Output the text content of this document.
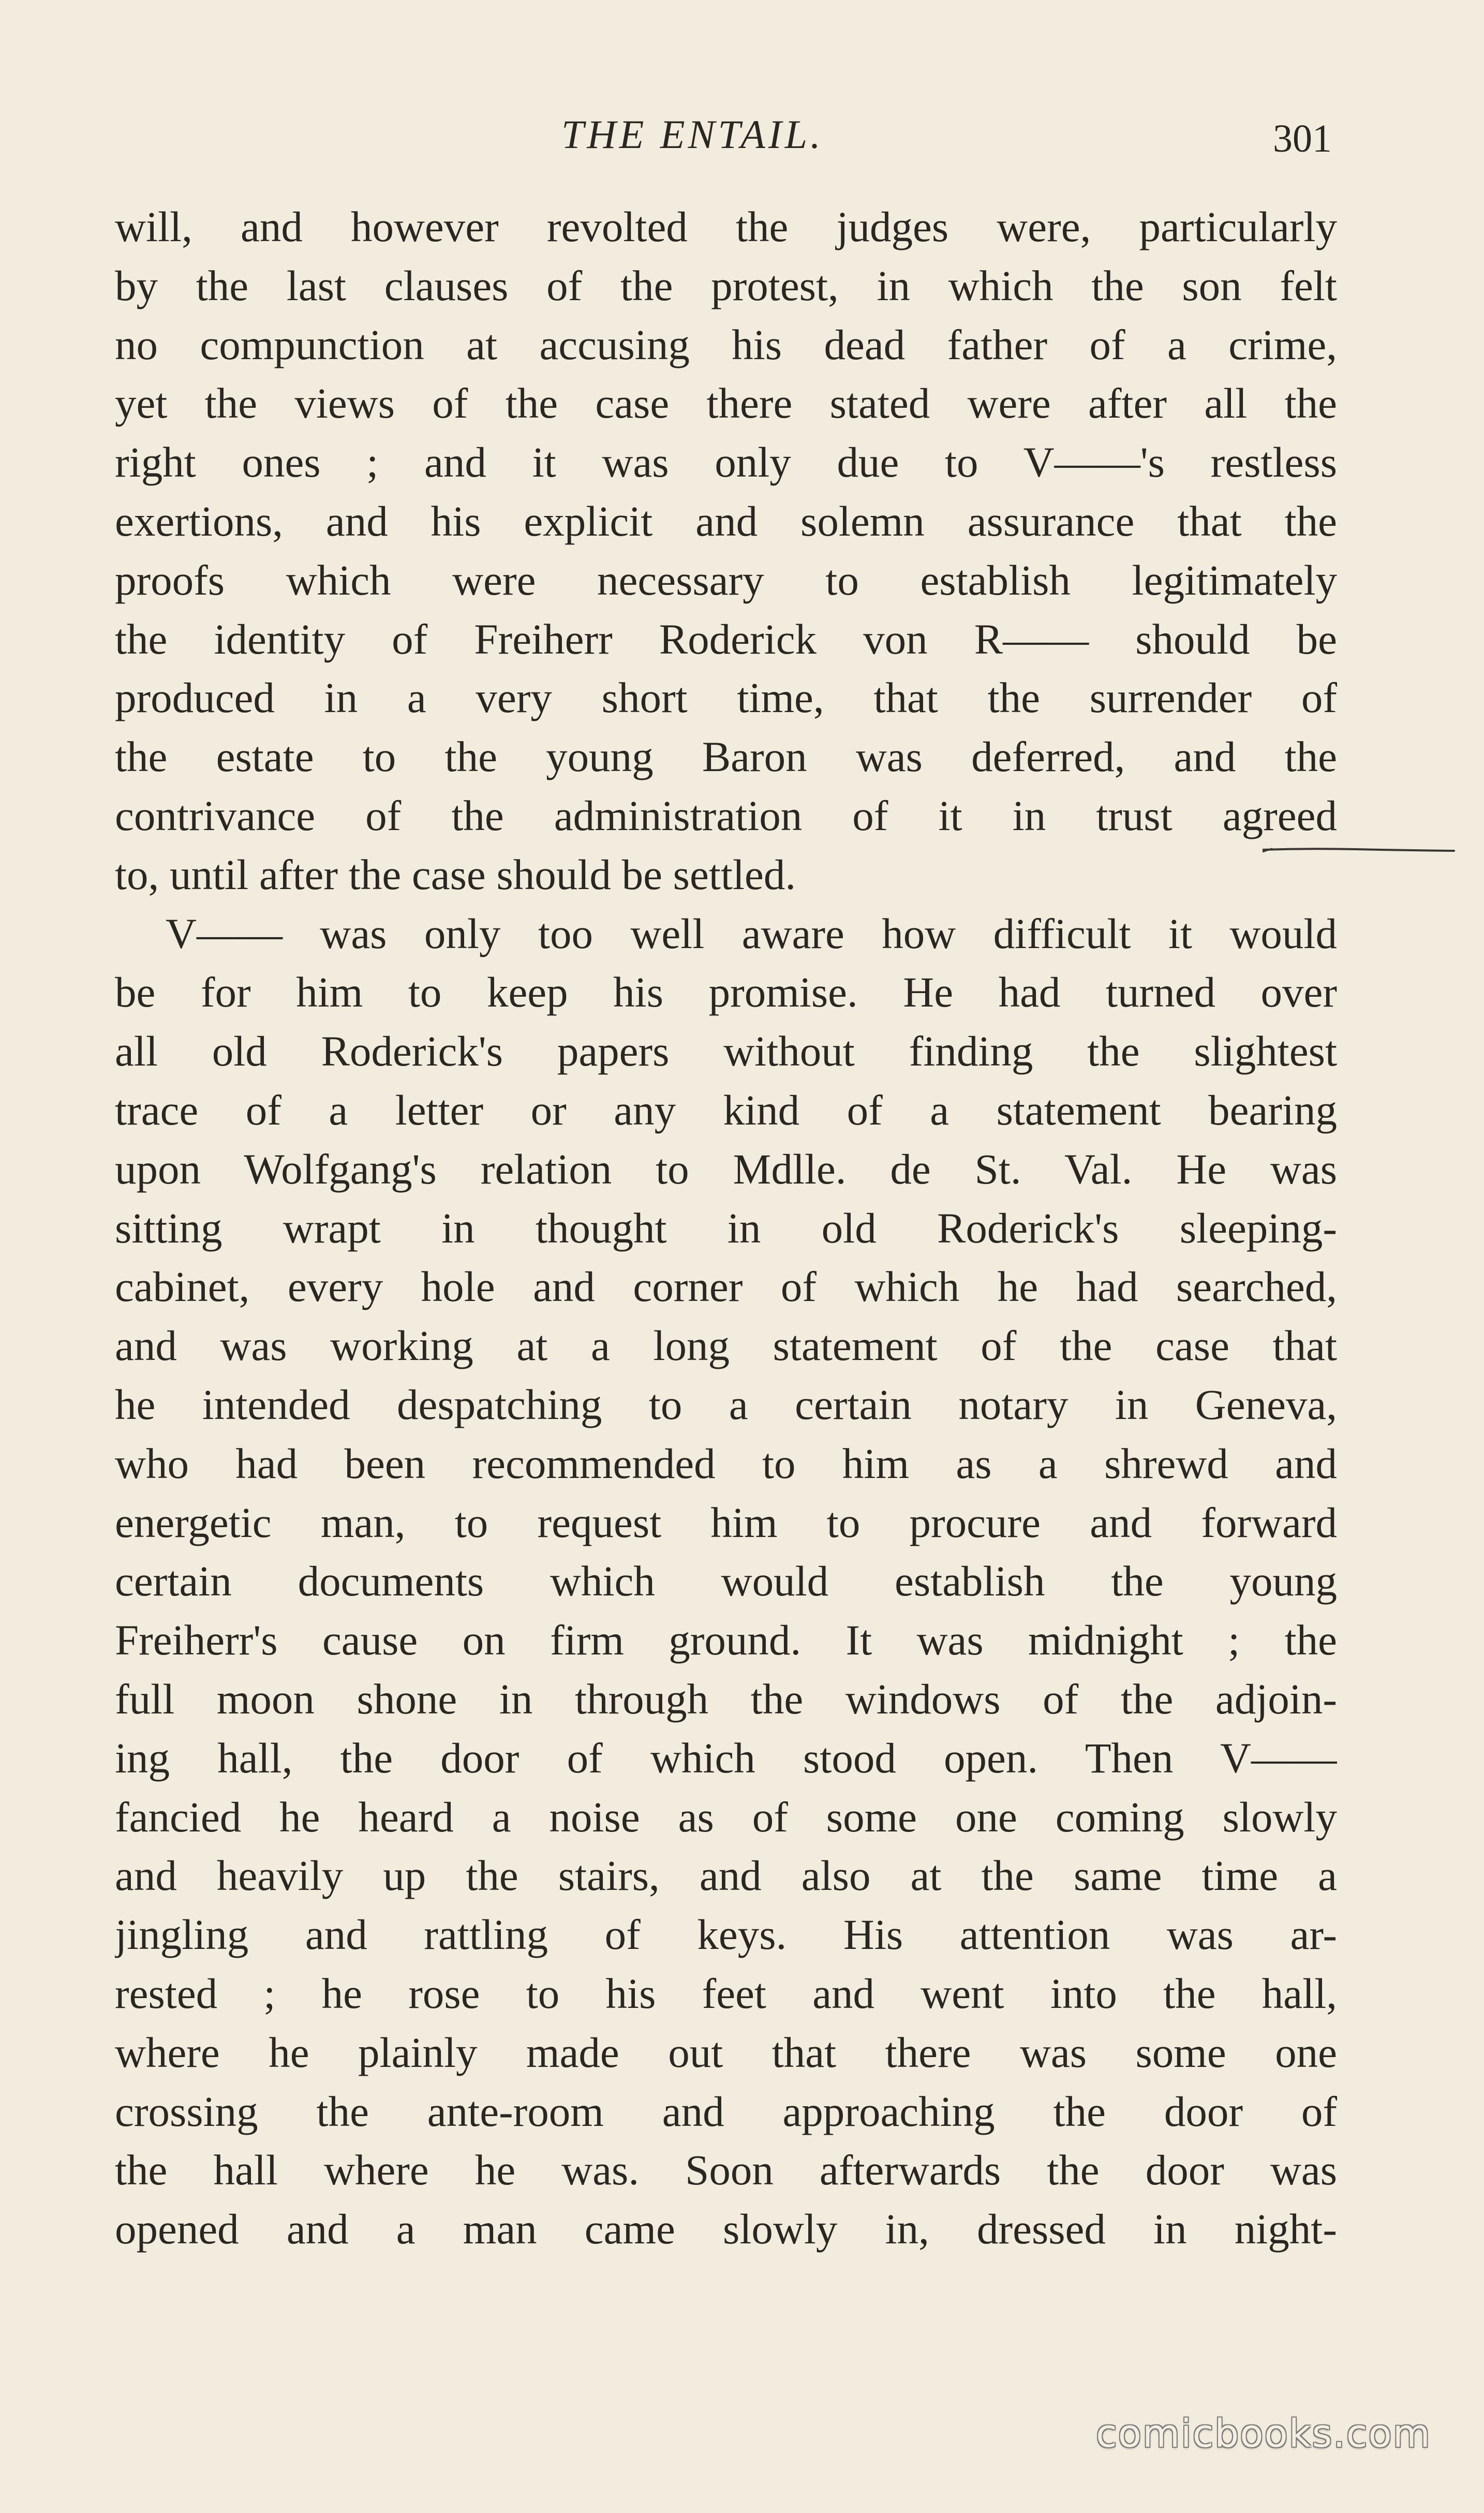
THE ENTAIL.	301
will, and however revolted the judges were, particularly
by the last clauses of the protest, in which the son felt
no compunction at accusing his dead father of a crime,
yet the views of the case there stated were after all the
right ones ; and it was only due to V——'s restless
exertions, and his explicit and solemn assurance that the
proofs which were necessary to establish legitimately
the identity of Freiherr Roderick von R—— should be
produced in a very short time, that the surrender of
the estate to the young Baron was deferred, and the
contrivance of the administration of it in trust agreed
to, until after the case should be settled.
V—— was only too well aware how difficult it would
be for him to keep his promise. He had turned over
all old Roderick's papers without finding the slightest
trace of a letter or any kind of a statement bearing
upon Wolfgang's relation to Mdlle. de St. Val. He was
sitting wrapt in thought in old Roderick's sleeping-
cabinet, every hole and corner of which he had searched,
and was working at a long statement of the case that
he intended despatching to a certain notary in Geneva,
who had been recommended to him as a shrewd and
energetic man, to request him to procure and forward
certain documents which would establish the young
Freiherr's cause on firm ground. It was midnight ; the
full moon shone in through the windows of the adjoin-
ing hall, the door of which stood open. Then V——
fancied he heard a noise as of some one coming slowly
and heavily up the stairs, and also at the same time a
jingling and rattling of keys. His attention was ar-
rested ; he rose to his feet and went into the hall,
where he plainly made out that there was some one
crossing the ante-room and approaching the door of
the hall where he was. Soon afterwards the door was
opened and a man came slowly in, dressed in night-
comicbooks.com
